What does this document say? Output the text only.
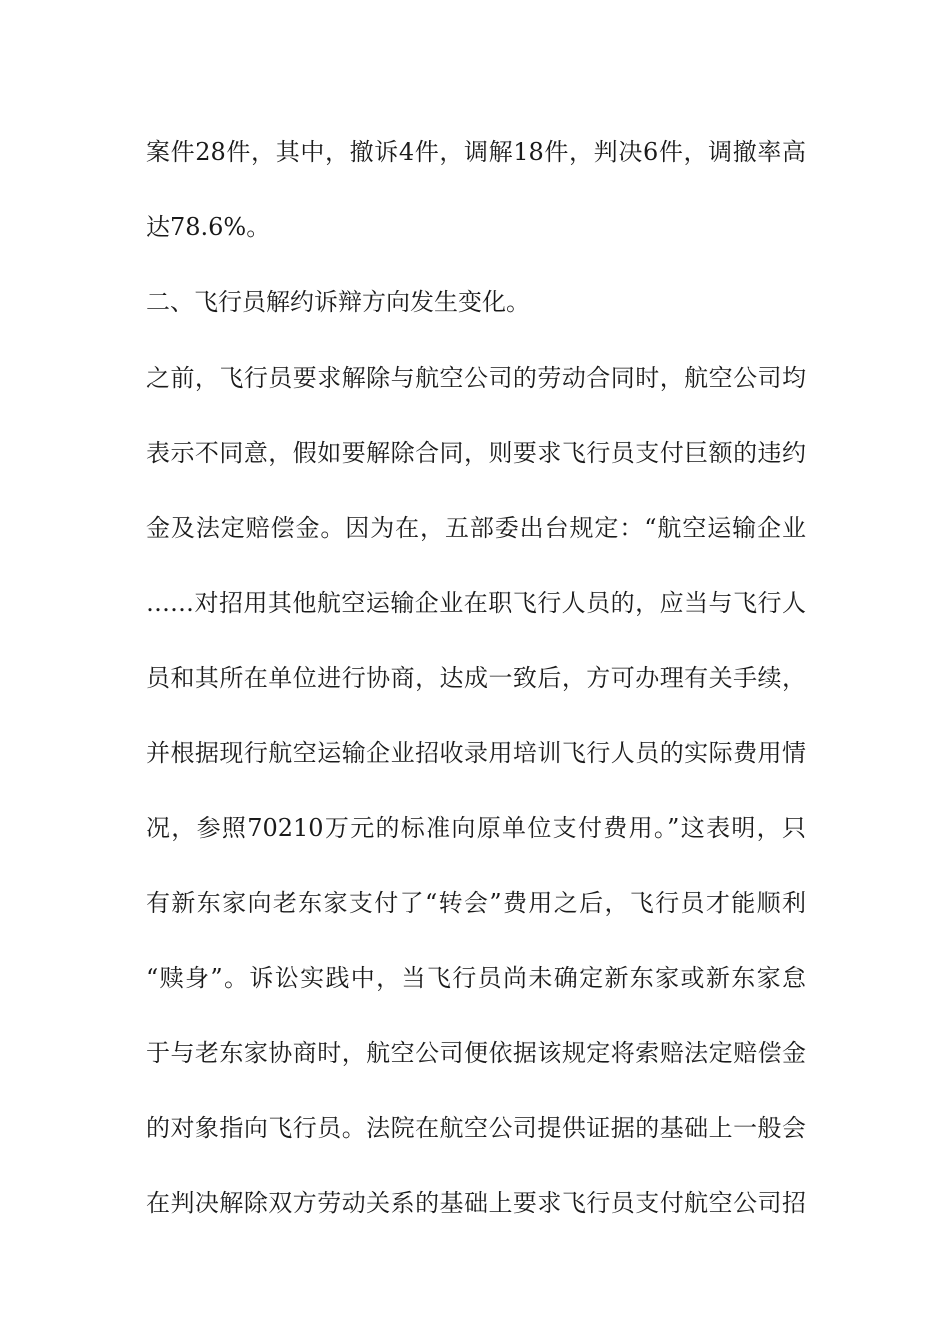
案件28件，其中，撤诉4件，调解18件，判决6件，调撤率高
达78.6%。
二、飞行员解约诉辩方向发生变化。
之前，飞行员要求解除与航空公司的劳动合同时，航空公司均
表示不同意，假如要解除合同，则要求飞行员支付巨额的违约
金及法定赔偿金。因为在，五部委出台规定：“航空运输企业
……对招用其他航空运输企业在职飞行人员的，应当与飞行人
员和其所在单位进行协商，达成一致后，方可办理有关手续，
并根据现行航空运输企业招收录用培训飞行人员的实际费用情
况，参照70210万元的标准向原单位支付费用。”这表明，只
有新东家向老东家支付了“转会”费用之后，飞行员才能顺利
“赎身”。诉讼实践中，当飞行员尚未确定新东家或新东家怠
于与老东家协商时，航空公司便依据该规定将索赔法定赔偿金
的对象指向飞行员。法院在航空公司提供证据的基础上一般会
在判决解除双方劳动关系的基础上要求飞行员支付航空公司招
